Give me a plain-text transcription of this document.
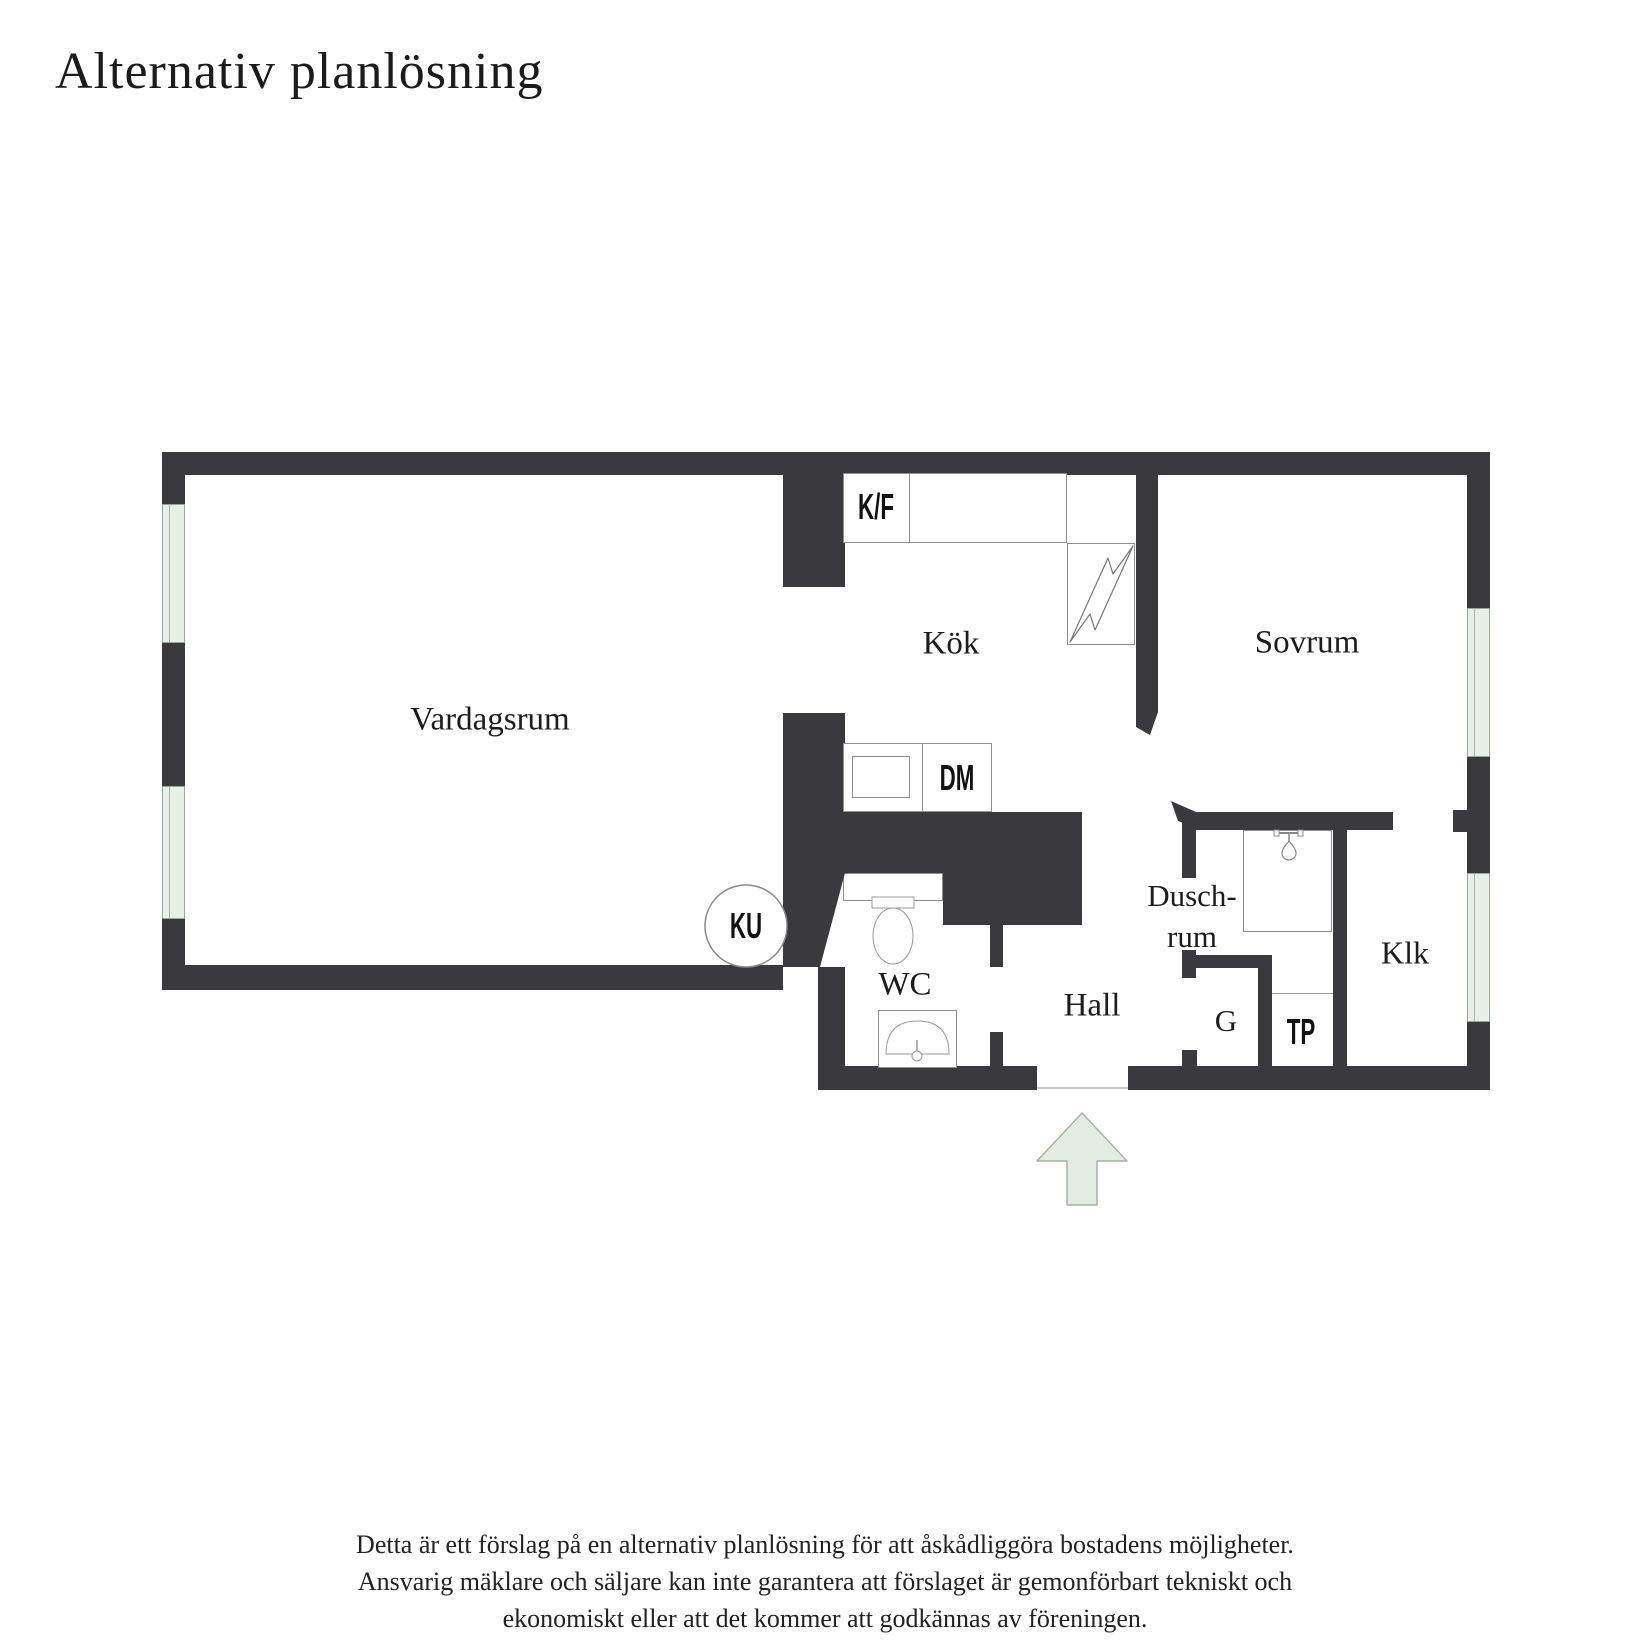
Alternativ planlösning
Vardagsrum
Kök	Sovrum
WC
Hall
Dusch-
rum
G
Klk
K/F
DM
KU
TP
Detta är ett förslag på en alternativ planlösning för att åskådliggöra bostadens möjligheter.
Ansvarig mäklare och säljare kan inte garantera att förslaget är gemonförbart tekniskt och
ekonomiskt eller att det kommer att godkännas av föreningen.
